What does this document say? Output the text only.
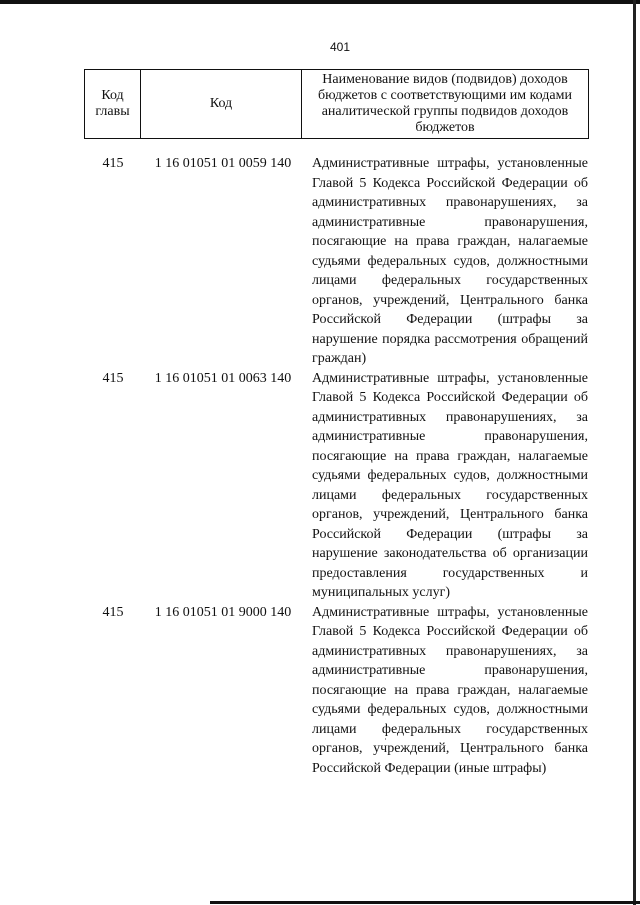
401
Код главы	Код	Наименование видов (подвидов) доходов бюджетов с соответствующими им кодами аналитической группы подвидов доходов бюджетов
415	1 16 01051 01 0059 140	Административные штрафы, установленные Главой 5 Кодекса Российской Федерации об административных правонарушениях, за административные правонарушения, посягающие на права граждан, налагаемые судьями федеральных судов, должностными лицами федеральных государственных органов, учреждений, Центрального банка Российской Федерации (штрафы за нарушение порядка рассмотрения обращений граждан)
415	1 16 01051 01 0063 140	Административные штрафы, установленные Главой 5 Кодекса Российской Федерации об административных правонарушениях, за административные правонарушения, посягающие на права граждан, налагаемые судьями федеральных судов, должностными лицами федеральных государственных органов, учреждений, Центрального банка Российской Федерации (штрафы за нарушение законодательства об организации предоставления государственных и муниципальных услуг)
415	1 16 01051 01 9000 140	Административные штрафы, установленные Главой 5 Кодекса Российской Федерации об административных правонарушениях, за административные правонарушения, посягающие на права граждан, налагаемые судьями федеральных судов, должностными лицами федеральных государственных органов, учреждений, Центрального банка Российской Федерации (иные штрафы)
